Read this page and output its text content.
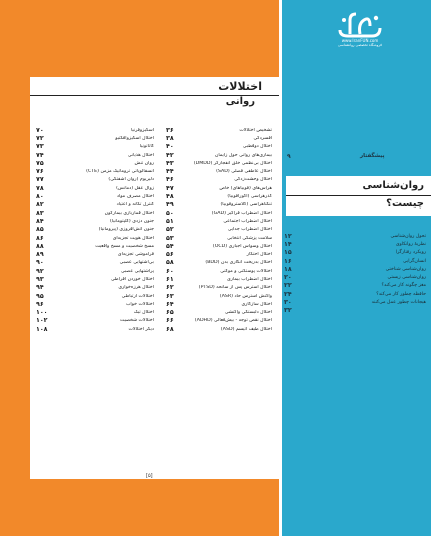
www.IranFUN.com
فروشگاه تخصصی روانشناسی
اختلالات
روانی
تشخیص اختلالات
۳۶
افسردگی
۳۸
اختلال دوقطبی
۴۰
بیماری‌های روانی حول زایمان
۴۲
اختلال بی‌نظمی خلق انفجارگر (DMDD)
۴۳
اختلال عاطفی فصلی (SAD)
۴۴
اختلال وحشت‌زدگی
۴۶
هراس‌های (فوبیاهای) خاص
۴۷
گذرهراسی (آگورافوبیا)
۴۸
تنگناهراسی (کلاستروفوبیا)
۴۹
اختلال اضطراب فراگیر (GAD)
۵۰
اختلال اضطراب اجتماعی
۵۱
اختلال اضطراب جدایی
۵۲
سلامت پزشکی انتخابی
۵۳
اختلال وسواس اجباری (OCD)
۵۴
اختلال احتکار
۵۶
اختلال بدریخت انگاری بدن (BDD)
۵۸
اختلالات پوستکنی و موکنی
۶۰
اختلال اضطراب بیماری
۶۱
اختلال استرس پس از سانحه (PTSD)
۶۲
واکنش استرس حاد (ASR)
۶۳
اختلال سازگاری
۶۴
اختلال دلبستگی واکنشی
۶۵
اختلال نقص توجه - بیش‌فعالی (ADHD)
۶۶
اختلال طیف اتیسم (ASD)
۶۸
اسکیزوفرنیا
۷۰
اختلال اسکیزوافکتیو
۷۲
کاتاتونیا
۷۳
اختلال هذیانی
۷۴
روان تنش
۷۵
انسفالوپاتی تروماتیک مزمن (CTE)
۷۶
دلیریوم (روان آشفتگی)
۷۷
زوال عقل (دمانس)
۷۸
اختلال مصرف مواد
۸۰
کنترل تکانه و اعتیاد
۸۲
اختلال قماربازی بیمارگون
۸۳
جنون دزدی (کلپتومانیا)
۸۴
جنون آتش‌افروزی (پیرومانیا)
۸۵
اختلال هویت تجزیه‌ای
۸۶
مسخ شخصیت و مسخ واقعیت
۸۸
فراموشی تجزیه‌ای
۸۹
بی‌اشتهایی عصبی
۹۰
پراشتهایی عصبی
۹۲
اختلال خوردن افراطی
۹۳
اختلال هرزه‌خواری
۹۴
اختلالات ارتباطی
۹۵
اختلالات خواب
۹۶
اختلال تیک
۱۰۰
اختلالات شخصیت
۱۰۲
دیگر اختلالات
۱۰۸
[۵]
۹	پیشگفتار
روان‌شناسی
چیست؟
تحول روان‌شناسی
۱۲
نظریهٔ روانکاوی
۱۴
رویکرد رفتارگرا
۱۵
انسان‌گرایی
۱۶
روان‌شناسی شناختی
۱۸
روان‌شناسی زیستی
۲۰
مغز چگونه کار می‌کند؟
۲۲
حافظه چطور کار می‌کند؟
۲۴
هیجانات چطور عمل می‌کنند
۳۰
۳۲
